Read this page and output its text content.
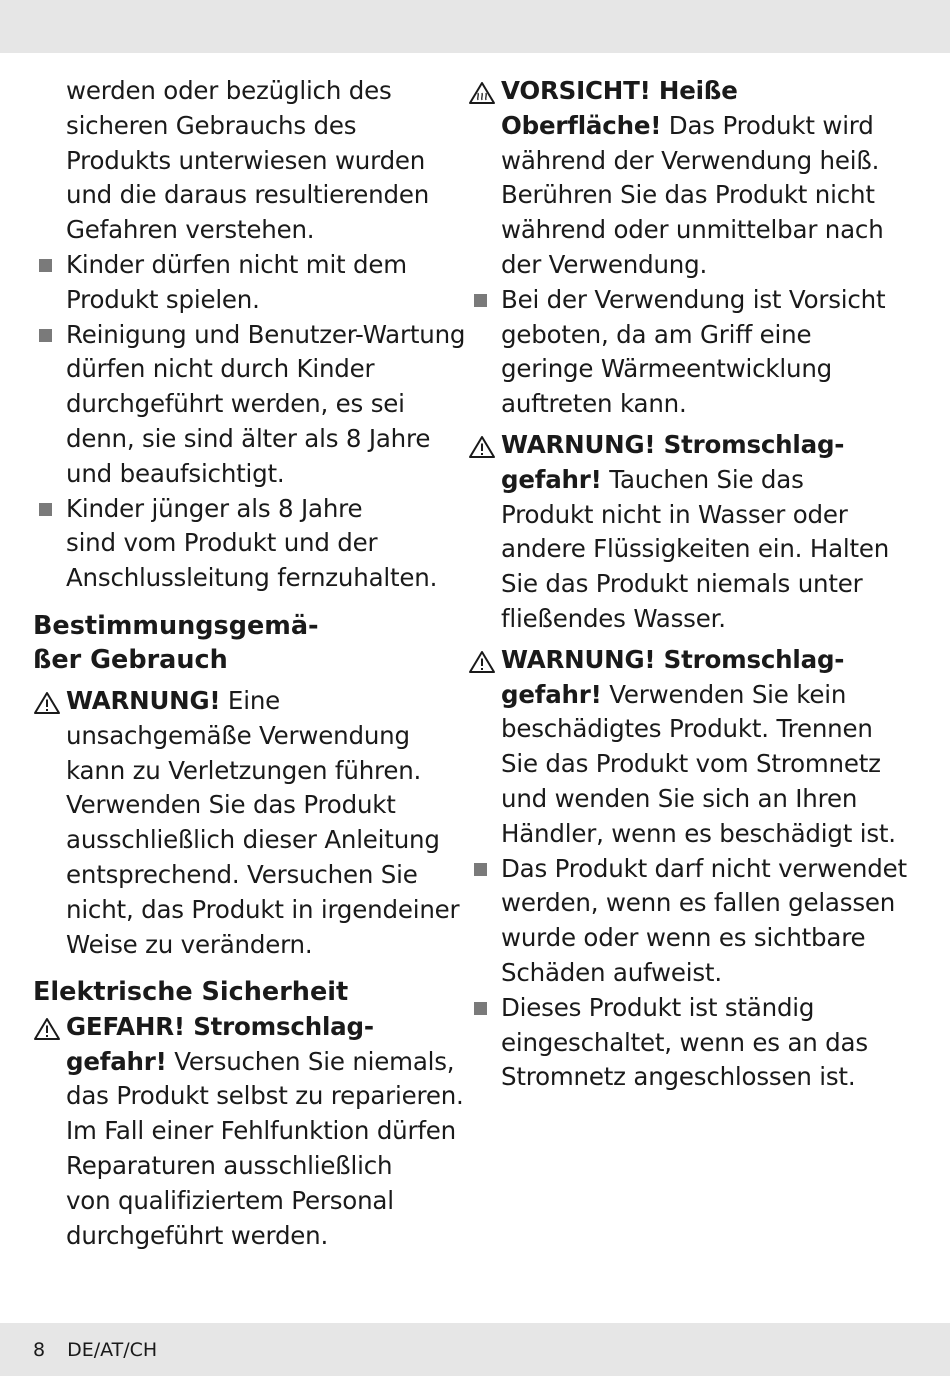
werden oder bezüglich des
sicheren Gebrauchs des
Produkts unterwiesen wurden
und die daraus resultierenden
Gefahren verstehen.
Kinder dürfen nicht mit dem
Produkt spielen.
Reinigung und Benutzer-Wartung
dürfen nicht durch Kinder
durchgeführt werden, es sei
denn, sie sind älter als 8 Jahre
und beaufsichtigt.
Kinder jünger als 8 Jahre
sind vom Produkt und der
Anschlussleitung fernzuhalten.
Bestimmungsgemä-
ßer Gebrauch
WARNUNG! Eine
unsachgemäße Verwendung
kann zu Verletzungen führen.
Verwenden Sie das Produkt
ausschließlich dieser Anleitung
entsprechend. Versuchen Sie
nicht, das Produkt in irgendeiner
Weise zu verändern.
Elektrische Sicherheit
GEFAHR! Stromschlag-
gefahr! Versuchen Sie niemals,
das Produkt selbst zu reparieren.
Im Fall einer Fehlfunktion dürfen
Reparaturen ausschließlich
von qualifiziertem Personal
durchgeführt werden.
VORSICHT! Heiße
Oberfläche! Das Produkt wird
während der Verwendung heiß.
Berühren Sie das Produkt nicht
während oder unmittelbar nach
der Verwendung.
Bei der Verwendung ist Vorsicht
geboten, da am Griff eine
geringe Wärmeentwicklung
auftreten kann.
WARNUNG! Stromschlag-
gefahr! Tauchen Sie das
Produkt nicht in Wasser oder
andere Flüssigkeiten ein. Halten
Sie das Produkt niemals unter
fließendes Wasser.
WARNUNG! Stromschlag-
gefahr! Verwenden Sie kein
beschädigtes Produkt. Trennen
Sie das Produkt vom Stromnetz
und wenden Sie sich an Ihren
Händler, wenn es beschädigt ist.
Das Produkt darf nicht verwendet
werden, wenn es fallen gelassen
wurde oder wenn es sichtbare
Schäden aufweist.
Dieses Produkt ist ständig
eingeschaltet, wenn es an das
Stromnetz angeschlossen ist.
8 DE/AT/CH
